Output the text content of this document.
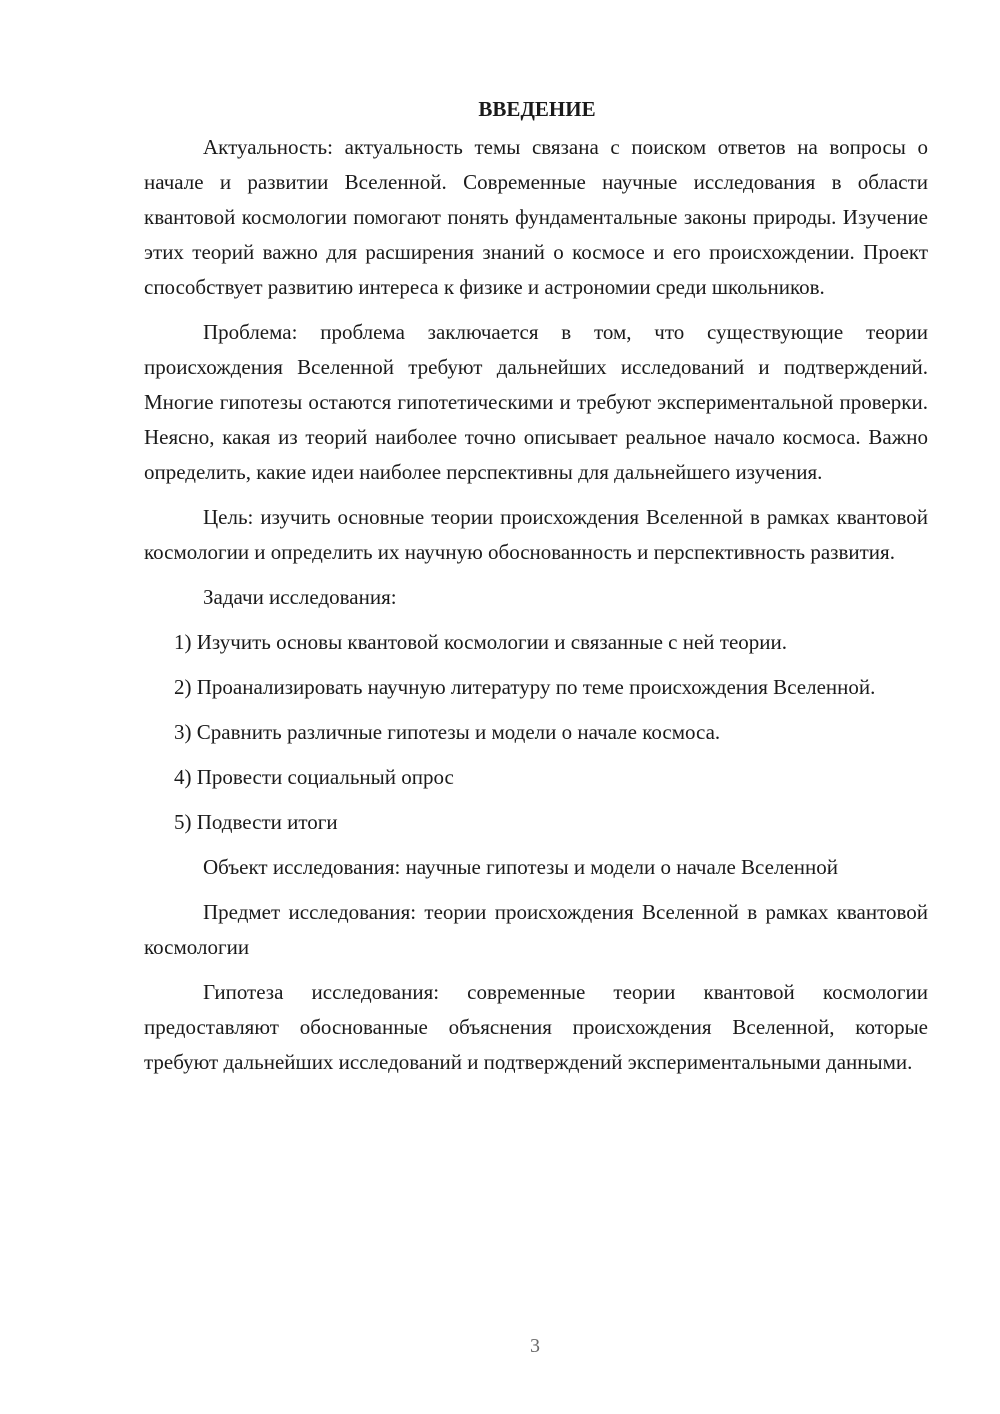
ВВЕДЕНИЕ

Актуальность: актуальность темы связана с поиском ответов на вопросы о начале и развитии Вселенной. Современные научные исследования в области квантовой космологии помогают понять фундаментальные законы природы. Изучение этих теорий важно для расширения знаний о космосе и его происхождении. Проект способствует развитию интереса к физике и астрономии среди школьников.

Проблема: проблема заключается в том, что существующие теории происхождения Вселенной требуют дальнейших исследований и подтверждений. Многие гипотезы остаются гипотетическими и требуют экспериментальной проверки. Неясно, какая из теорий наиболее точно описывает реальное начало космоса. Важно определить, какие идеи наиболее перспективны для дальнейшего изучения.

Цель: изучить основные теории происхождения Вселенной в рамках квантовой космологии и определить их научную обоснованность и перспективность развития.

Задачи исследования:

1) Изучить основы квантовой космологии и связанные с ней теории.

2) Проанализировать научную литературу по теме происхождения Вселенной.

3) Сравнить различные гипотезы и модели о начале космоса.

4) Провести социальный опрос

5) Подвести итоги

Объект исследования: научные гипотезы и модели о начале Вселенной

Предмет исследования: теории происхождения Вселенной в рамках квантовой космологии

Гипотеза исследования: современные теории квантовой космологии предоставляют обоснованные объяснения происхождения Вселенной, которые требуют дальнейших исследований и подтверждений экспериментальными данными.

3
